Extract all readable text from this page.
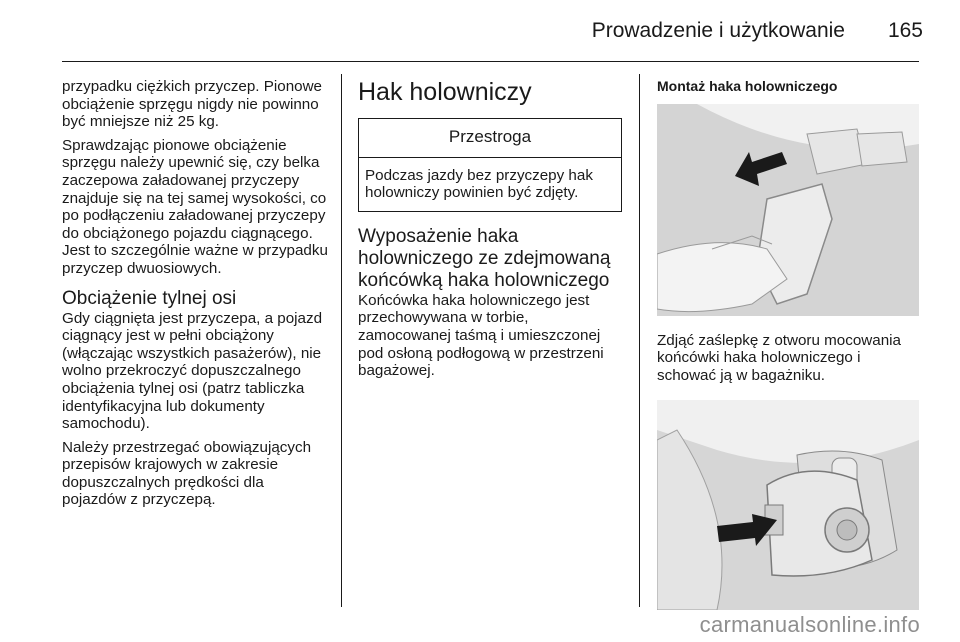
Prowadzenie i użytkowanie	165

przypadku ciężkich przyczep. Pionowe obciążenie sprzęgu nigdy nie powinno być mniejsze niż 25 kg.

Sprawdzając pionowe obciążenie sprzęgu należy upewnić się, czy belka zaczepowa załadowanej przyczepy znajduje się na tej samej wysokości, co po podłączeniu załadowanej przyczepy do obciążonego pojazdu ciągnącego. Jest to szczególnie ważne w przypadku przyczep dwuosiowych.

Obciążenie tylnej osi

Gdy ciągnięta jest przyczepa, a pojazd ciągnący jest w pełni obciążony (włączając wszystkich pasażerów), nie wolno przekroczyć dopuszczalnego obciążenia tylnej osi (patrz tabliczka identyfikacyjna lub dokumenty samochodu).

Należy przestrzegać obowiązujących przepisów krajowych w zakresie dopuszczalnych prędkości dla pojazdów z przyczepą.

Hak holowniczy
Przestroga
Podczas jazdy bez przyczepy hak holowniczy powinien być zdjęty.
Wyposażenie haka holowniczego ze zdejmowaną końcówką haka holowniczego

Końcówka haka holowniczego jest przechowywana w torbie, zamocowanej taśmą i umieszczonej pod osłoną podłogową w przestrzeni bagażowej.

Montaż haka holowniczego

Zdjąć zaślepkę z otworu mocowania końcówki haka holowniczego i schować ją w bagażniku.

carmanualsonline.info
